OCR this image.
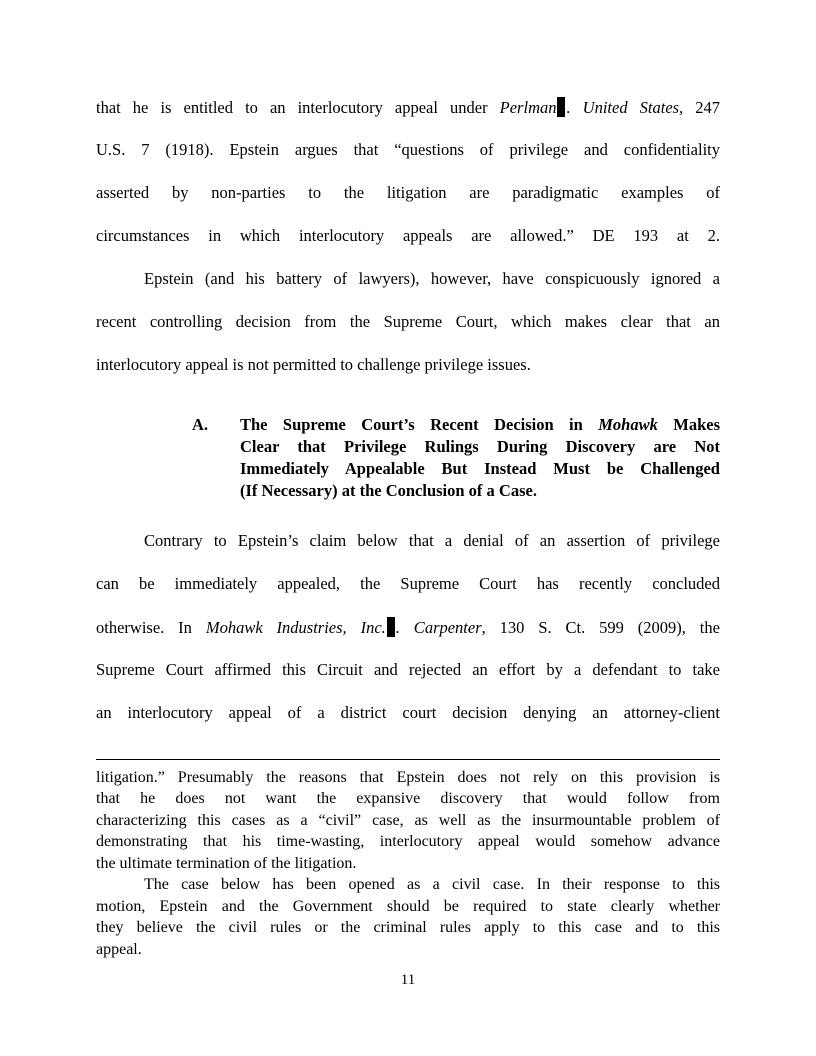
that he is entitled to an interlocutory appeal under Perlman . United States, 247
U.S. 7 (1918). Epstein argues that “questions of privilege and confidentiality
asserted by non-parties to the litigation are paradigmatic examples of
circumstances in which interlocutory appeals are allowed.” DE 193 at 2.
Epstein (and his battery of lawyers), however, have conspicuously ignored a
recent controlling decision from the Supreme Court, which makes clear that an
interlocutory appeal is not permitted to challenge privilege issues.
A. The Supreme Court’s Recent Decision in Mohawk Makes
Clear that Privilege Rulings During Discovery are Not
Immediately Appealable But Instead Must be Challenged
(If Necessary) at the Conclusion of a Case.
Contrary to Epstein’s claim below that a denial of an assertion of privilege
can be immediately appealed, the Supreme Court has recently concluded
otherwise. In Mohawk Industries, Inc. . Carpenter, 130 S. Ct. 599 (2009), the
Supreme Court affirmed this Circuit and rejected an effort by a defendant to take
an interlocutory appeal of a district court decision denying an attorney-client
litigation.” Presumably the reasons that Epstein does not rely on this provision is
that he does not want the expansive discovery that would follow from
characterizing this cases as a “civil” case, as well as the insurmountable problem of
demonstrating that his time-wasting, interlocutory appeal would somehow advance
the ultimate termination of the litigation.
The case below has been opened as a civil case. In their response to this
motion, Epstein and the Government should be required to state clearly whether
they believe the civil rules or the criminal rules apply to this case and to this
appeal.
11
